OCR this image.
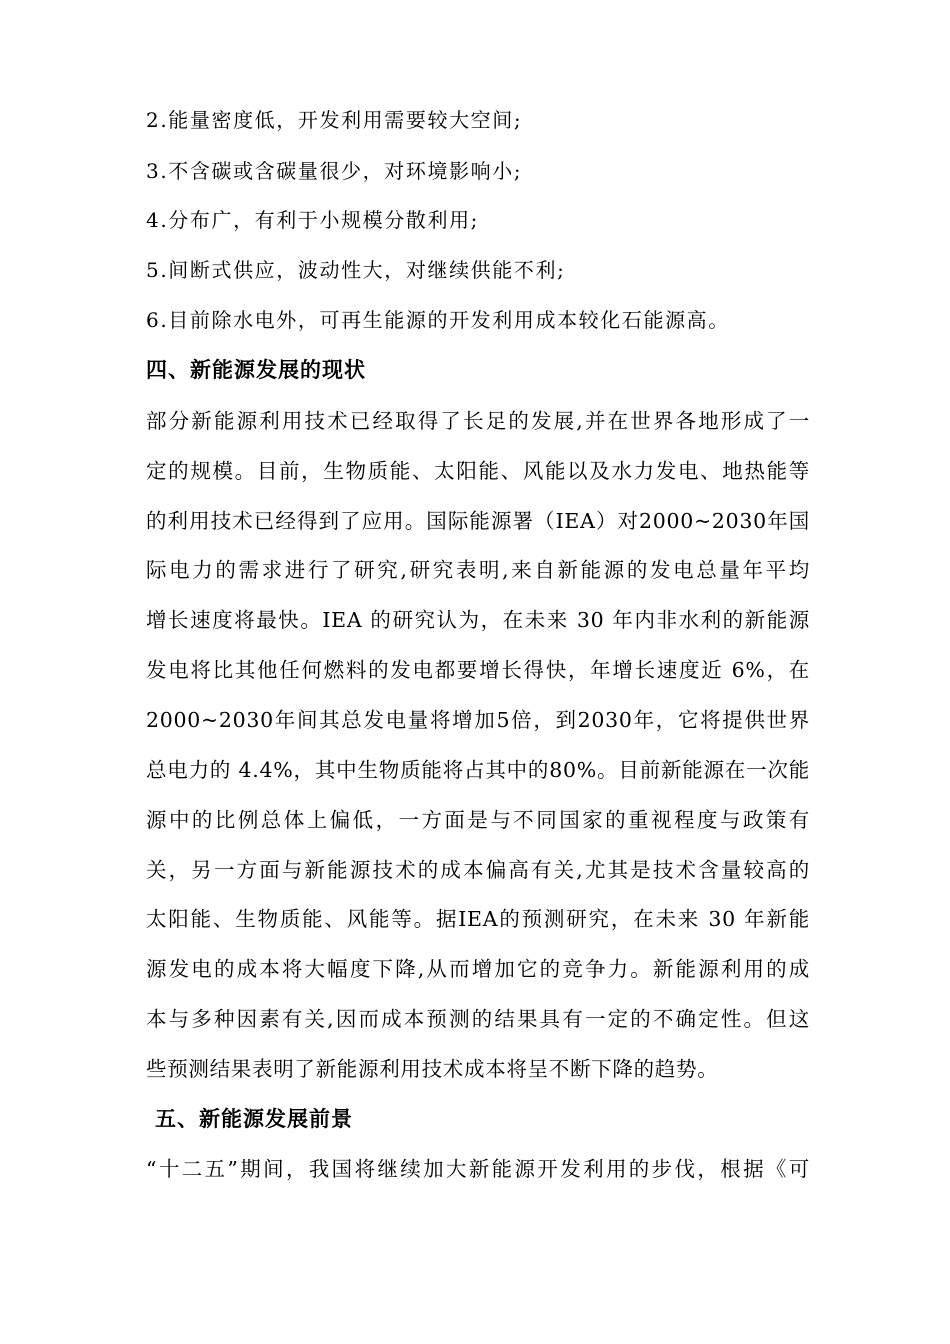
2.能量密度低，开发利用需要较大空间;
3.不含碳或含碳量很少，对环境影响小;
4.分布广，有利于小规模分散利用;
5.间断式供应，波动性大，对继续供能不利;
6.目前除水电外，可再生能源的开发利用成本较化石能源高。
四、新能源发展的现状
部分新能源利用技术已经取得了长足的发展,并在世界各地形成了一
定的规模。目前，生物质能、太阳能、风能以及水力发电、地热能等
的利用技术已经得到了应用。国际能源署（IEA）对2000~2030年国
际电力的需求进行了研究,研究表明,来自新能源的发电总量年平均
增长速度将最快。IEA 的研究认为，在未来 30 年内非水利的新能源
发电将比其他任何燃料的发电都要增长得快，年增长速度近 6%，在
2000~2030年间其总发电量将增加5倍，到2030年，它将提供世界
总电力的 4.4%，其中生物质能将占其中的80%。目前新能源在一次能
源中的比例总体上偏低，一方面是与不同国家的重视程度与政策有
关，另一方面与新能源技术的成本偏高有关,尤其是技术含量较高的
太阳能、生物质能、风能等。据IEA的预测研究，在未来 30 年新能
源发电的成本将大幅度下降,从而增加它的竞争力。新能源利用的成
本与多种因素有关,因而成本预测的结果具有一定的不确定性。但这
些预测结果表明了新能源利用技术成本将呈不断下降的趋势。
五、新能源发展前景
“十二五”期间，我国将继续加大新能源开发利用的步伐，根据《可
